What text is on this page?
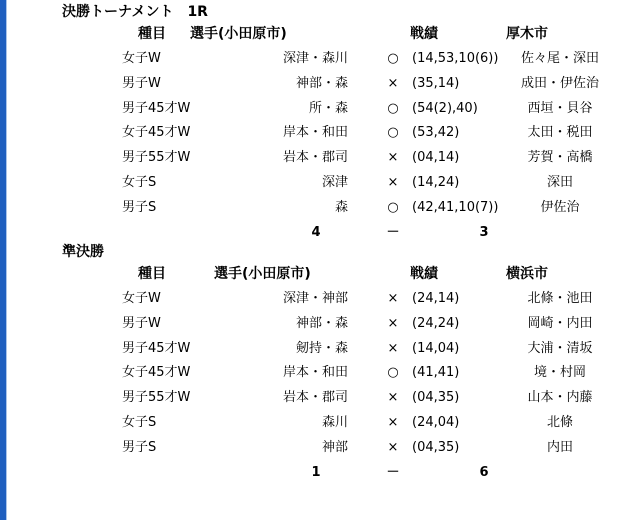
決勝トーナメント　1R
種目 選手(小田原市)	戦績	厚木市
女子W	深津・森川	○ (14,53,10(6))	佐々尾・深田
男子W	神部・森	× (35,14)	成田・伊佐治
男子45才W	所・森	○ (54(2),40)	西垣・貝谷
女子45才W	岸本・和田	○ (53,42)	太田・税田
男子55才W	岩本・郡司	× (04,14)	芳賀・高橋
女子S	深津	× (14,24)	深田
男子S	森	○ (42,41,10(7))	伊佐治
4	－	3
準決勝
種目	選手(小田原市)	戦績	横浜市
女子W	深津・神部	× (24,14)	北條・池田
男子W	神部・森	× (24,24)	岡崎・内田
男子45才W	剱持・森	× (14,04)	大浦・清坂
女子45才W	岸本・和田	○ (41,41)	境・村岡
男子55才W	岩本・郡司	× (04,35)	山本・内藤
女子S	森川	× (24,04)	北條
男子S	神部	× (04,35)	内田
1	－	6
